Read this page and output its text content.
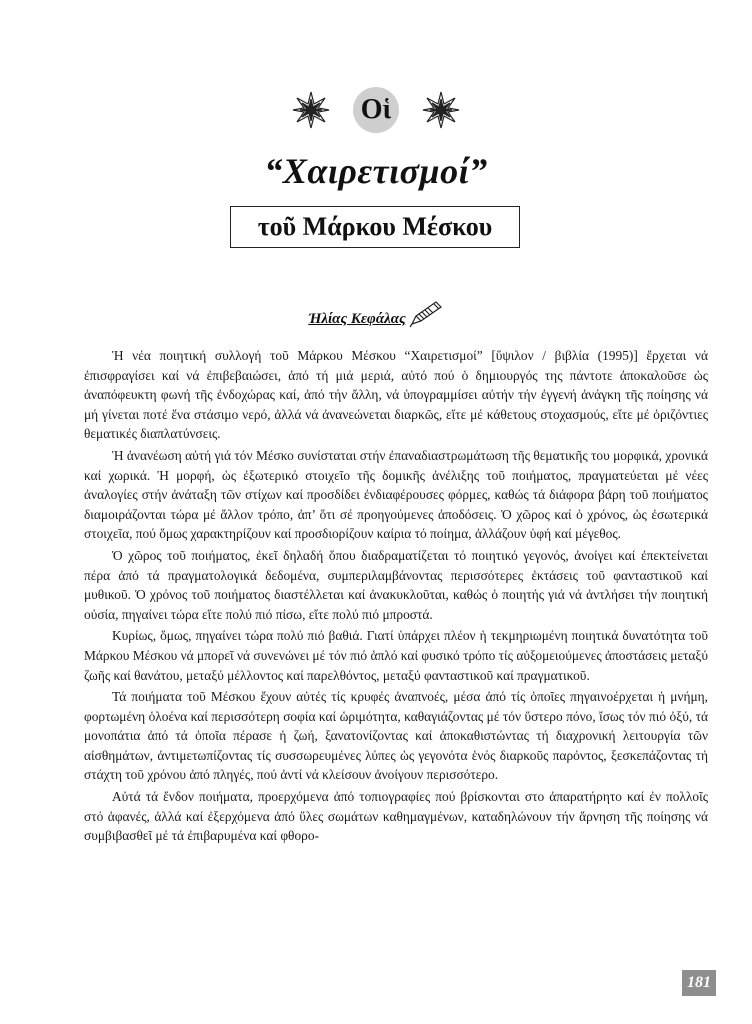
Οἱ
“Χαιρετισμοί”
τοῦ Μάρκου Μέσκου
Ἠλίας Κεφάλας

Ἡ νέα ποιητική συλλογή τοῦ Μάρκου Μέσκου “Χαιρετισμοί” [ὕψιλον / βιβλία (1995)] ἔρχεται νά ἐπισφραγίσει καί νά ἐπιβεβαιώσει, ἀπό τή μιά μεριά, αὐτό πού ὁ δημιουργός της πάντοτε ἀποκαλοῦσε ὡς ἀναπόφευκτη φωνή τῆς ἐνδοχώρας καί, ἀπό τήν ἄλλη, νά ὑπογραμμίσει αὐτήν τήν ἐγγενή ἀνάγκη τῆς ποίησης νά μή γίνεται ποτέ ἕνα στάσιμο νερό, ἀλλά νά ἀνανεώνεται διαρκῶς, εἴτε μέ κάθετους στοχασμούς, εἴτε μέ ὁριζόντιες θεματικές διαπλατύνσεις.

Ἡ ἀνανέωση αὐτή γιά τόν Μέσκο συνίσταται στήν ἐπαναδιαστρωμάτωση τῆς θεματικῆς του μορφικά, χρονικά καί χωρικά. Ἡ μορφή, ὡς ἐξωτερικό στοιχεῖο τῆς δομικῆς ἀνέλιξης τοῦ ποιήματος, πραγματεύεται μέ νέες ἀναλογίες στήν ἀνάταξη τῶν στίχων καί προσδίδει ἐνδιαφέρουσες φόρμες, καθώς τά διάφορα βάρη τοῦ ποιήματος διαμοιράζονται τώρα μέ ἄλλον τρόπο, ἀπ’ ὅτι σέ προηγούμενες ἀποδόσεις. Ὁ χῶρος καί ὁ χρόνος, ὡς ἐσωτερικά στοιχεῖα, πού ὅμως χαρακτηρίζουν καί προσδιορίζουν καίρια τό ποίημα, ἀλλάζουν ὑφή καί μέγεθος.

Ὁ χῶρος τοῦ ποιήματος, ἐκεῖ δηλαδή ὅπου διαδραματίζεται τό ποιητικό γεγονός, ἀνοίγει καί ἐπεκτείνεται πέρα ἀπό τά πραγματολογικά δεδομένα, συμπεριλαμβάνοντας περισσότερες ἐκτάσεις τοῦ φανταστικοῦ καί μυθικοῦ. Ὁ χρόνος τοῦ ποιήματος διαστέλλεται καί ἀνακυκλοῦται, καθώς ὁ ποιητής γιά νά ἀντλήσει τήν ποιητική οὐσία, πηγαίνει τώρα εἴτε πολύ πιό πίσω, εἴτε πολύ πιό μπροστά.

Κυρίως, ὅμως, πηγαίνει τώρα πολύ πιό βαθιά. Γιατί ὑπάρχει πλέον ἡ τεκμηριωμένη ποιητικά δυνατότητα τοῦ Μάρκου Μέσκου νά μπορεῖ νά συνενώνει μέ τόν πιό ἁπλό καί φυσικό τρόπο τίς αὐξομειούμενες ἀποστάσεις μεταξύ ζωῆς καί θανάτου, μεταξύ μέλλοντος καί παρελθόντος, μεταξύ φανταστικοῦ καί πραγματικοῦ.

Τά ποιήματα τοῦ Μέσκου ἔχουν αὐτές τίς κρυφές ἀναπνοές, μέσα ἀπό τίς ὁποῖες πηγαινοέρχεται ἡ μνήμη, φορτωμένη ὁλοένα καί περισσότερη σοφία καί ὡριμότητα, καθαγιάζοντας μέ τόν ὕστερο πόνο, ἴσως τόν πιό ὀξύ, τά μονοπάτια ἀπό τά ὁποῖα πέρασε ἡ ζωή, ξανατονίζοντας καί ἀποκαθιστώντας τή διαχρονική λειτουργία τῶν αἰσθημάτων, ἀντιμετωπίζοντας τίς συσσωρευμένες λύπες ὡς γεγονότα ἑνός διαρκοῦς παρόντος, ξεσκεπάζοντας τή στάχτη τοῦ χρόνου ἀπό πληγές, πού ἀντί νά κλείσουν ἀνοίγουν περισσότερο.

Αὐτά τά ἔνδον ποιήματα, προερχόμενα ἀπό τοπιογραφίες πού βρίσκονται στο ἀπαρατήρητο καί ἐν πολλοῖς στό ἀφανές, ἀλλά καί ἐξερχόμενα ἀπό ὕλες σωμάτων καθημαγμένων, καταδηλώνουν τήν ἄρνηση τῆς ποίησης νά συμβιβασθεῖ μέ τά ἐπιβαρυμένα καί φθορο-

181
